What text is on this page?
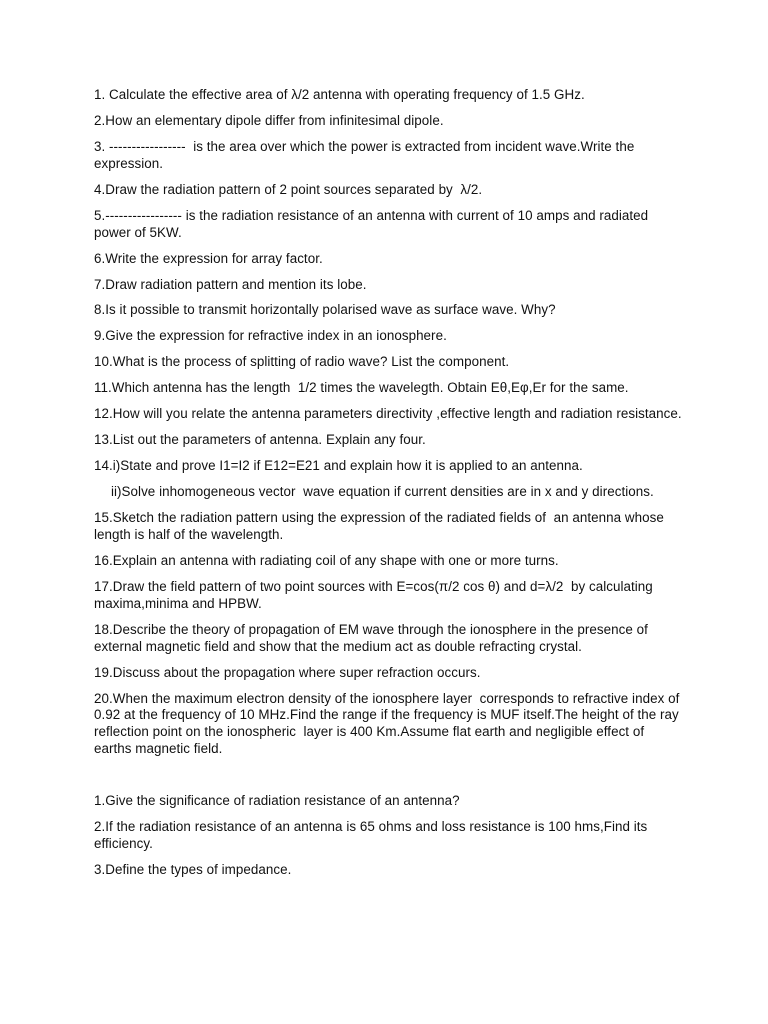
1. Calculate the effective area of λ/2 antenna with operating frequency of 1.5 GHz.

2.How an elementary dipole differ from infinitesimal dipole.

3. -----------------  is the area over which the power is extracted from incident wave.Write the expression.

4.Draw the radiation pattern of 2 point sources separated by  λ/2.

5.----------------- is the radiation resistance of an antenna with current of 10 amps and radiated power of 5KW.

6.Write the expression for array factor.

7.Draw radiation pattern and mention its lobe.

8.Is it possible to transmit horizontally polarised wave as surface wave. Why?

9.Give the expression for refractive index in an ionosphere.

10.What is the process of splitting of radio wave? List the component.

11.Which antenna has the length  1/2 times the wavelegth. Obtain Eθ,Eφ,Er for the same.

12.How will you relate the antenna parameters directivity ,effective length and radiation resistance.

13.List out the parameters of antenna. Explain any four.

14.i)State and prove I1=I2 if E12=E21 and explain how it is applied to an antenna.

ii)Solve inhomogeneous vector  wave equation if current densities are in x and y directions.

15.Sketch the radiation pattern using the expression of the radiated fields of  an antenna whose length is half of the wavelength.

16.Explain an antenna with radiating coil of any shape with one or more turns.

17.Draw the field pattern of two point sources with E=cos(π/2 cos θ) and d=λ/2  by calculating maxima,minima and HPBW.

18.Describe the theory of propagation of EM wave through the ionosphere in the presence of external magnetic field and show that the medium act as double refracting crystal.

19.Discuss about the propagation where super refraction occurs.

20.When the maximum electron density of the ionosphere layer  corresponds to refractive index of 0.92 at the frequency of 10 MHz.Find the range if the frequency is MUF itself.The height of the ray reflection point on the ionospheric  layer is 400 Km.Assume flat earth and negligible effect of earths magnetic field.

1.Give the significance of radiation resistance of an antenna?

2.If the radiation resistance of an antenna is 65 ohms and loss resistance is 100 hms,Find its efficiency.

3.Define the types of impedance.
